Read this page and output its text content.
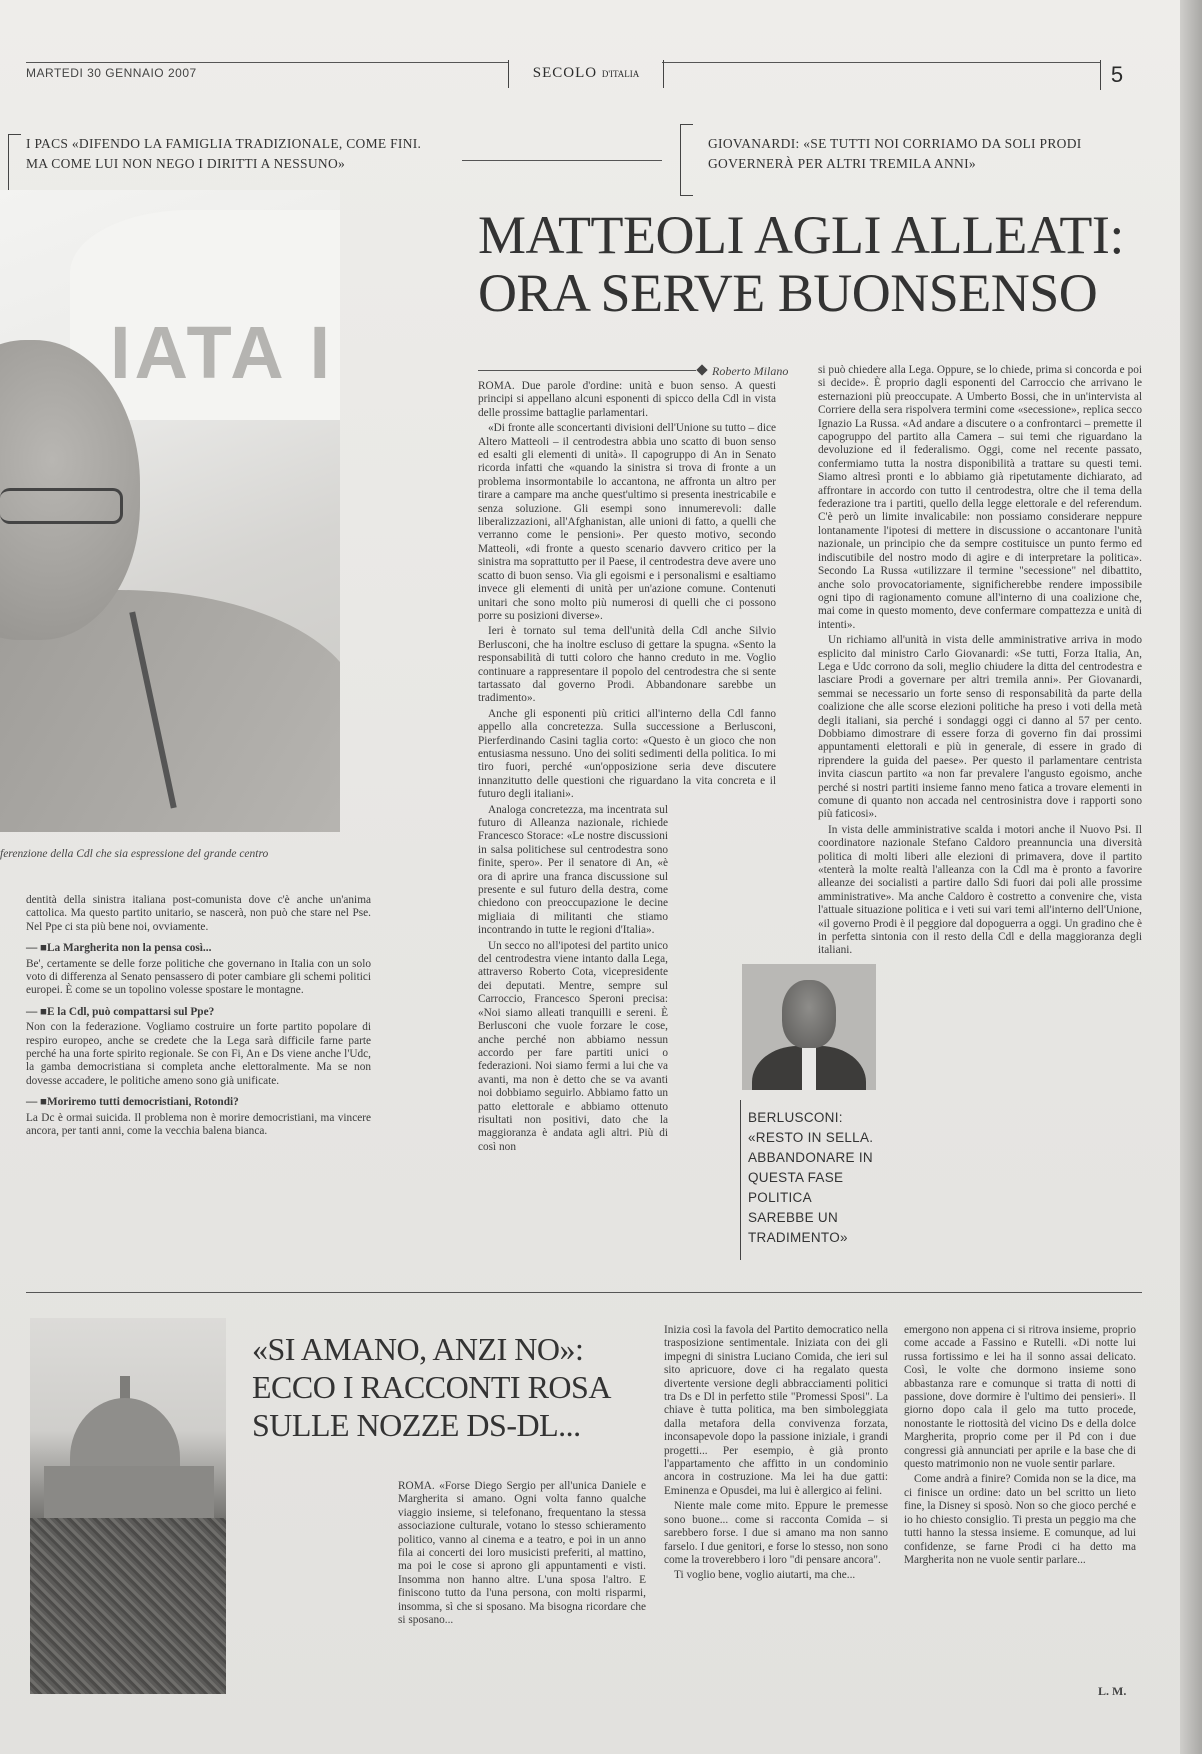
MARTEDI 30 GENNAIO 2007	SECOLO D'ITALIA	5
I PACS «DIFENDO LA FAMIGLIA TRADIZIONALE, COME FINI. MA COME LUI NON NEGO I DIRITTI A NESSUNO»
GIOVANARDI: «SE TUTTI NOI CORRIAMO DA SOLI PRODI GOVERNERÀ PER ALTRI TREMILA ANNI»
IATA I
ferenzione della Cdl che sia espressione del grande centro
MATTEOLI AGLI ALLEATI: ORA SERVE BUONSENSO
Roberto Milano

ROMA. Due parole d'ordine: unità e buon senso. A questi principi si appellano alcuni esponenti di spicco della Cdl in vista delle prossime battaglie parlamentari.

«Di fronte alle sconcertanti divisioni dell'Unione su tutto – dice Altero Matteoli – il centrodestra abbia uno scatto di buon senso ed esalti gli elementi di unità». Il capogruppo di An in Senato ricorda infatti che «quando la sinistra si trova di fronte a un problema insormontabile lo accantona, ne affronta un altro per tirare a campare ma anche quest'ultimo si presenta inestricabile e senza soluzione. Gli esempi sono innumerevoli: dalle liberalizzazioni, all'Afghanistan, alle unioni di fatto, a quelli che verranno come le pensioni». Per questo motivo, secondo Matteoli, «di fronte a questo scenario davvero critico per la sinistra ma soprattutto per il Paese, il centrodestra deve avere uno scatto di buon senso. Via gli egoismi e i personalismi e esaltiamo invece gli elementi di unità per un'azione comune. Contenuti unitari che sono molto più numerosi di quelli che ci possono porre su posizioni diverse».

Ieri è tornato sul tema dell'unità della Cdl anche Silvio Berlusconi, che ha inoltre escluso di gettare la spugna. «Sento la responsabilità di tutti coloro che hanno creduto in me. Voglio continuare a rappresentare il popolo del centrodestra che si sente tartassato dal governo Prodi. Abbandonare sarebbe un tradimento».

Anche gli esponenti più critici all'interno della Cdl fanno appello alla concretezza. Sulla successione a Berlusconi, Pierferdinando Casini taglia corto: «Questo è un gioco che non entusiasma nessuno. Uno dei soliti sedimenti della politica. Io mi tiro fuori, perché «un'opposizione seria deve discutere innanzitutto delle questioni che riguardano la vita concreta e il futuro degli italiani».

Analoga concretezza, ma incentrata sul futuro di Alleanza nazionale, richiede Francesco Storace: «Le nostre discussioni in salsa politichese sul centrodestra sono finite, spero». Per il senatore di An, «è ora di aprire una franca discussione sul presente e sul futuro della destra, come chiedono con preoccupazione le decine migliaia di militanti che stiamo incontrando in tutte le regioni d'Italia».

Un secco no all'ipotesi del partito unico del centrodestra viene intanto dalla Lega, attraverso Roberto Cota, vicepresidente dei deputati. Mentre, sempre sul Carroccio, Francesco Speroni precisa: «Noi siamo alleati tranquilli e sereni. È Berlusconi che vuole forzare le cose, anche perché non abbiamo nessun accordo per fare partiti unici o federazioni. Noi siamo fermi a lui che va avanti, ma non è detto che se va avanti noi dobbiamo seguirlo. Abbiamo fatto un patto elettorale e abbiamo ottenuto risultati non positivi, dato che la maggioranza è andata agli altri. Più di così non

si può chiedere alla Lega. Oppure, se lo chiede, prima si concorda e poi si decide». È proprio dagli esponenti del Carroccio che arrivano le esternazioni più preoccupate. A Umberto Bossi, che in un'intervista al Corriere della sera rispolvera termini come «secessione», replica secco Ignazio La Russa. «Ad andare a discutere o a confrontarci – premette il capogruppo del partito alla Camera – sui temi che riguardano la devoluzione ed il federalismo. Oggi, come nel recente passato, confermiamo tutta la nostra disponibilità a trattare su questi temi. Siamo altresì pronti e lo abbiamo già ripetutamente dichiarato, ad affrontare in accordo con tutto il centrodestra, oltre che il tema della federazione tra i partiti, quello della legge elettorale e del referendum. C'è però un limite invalicabile: non possiamo considerare neppure lontanamente l'ipotesi di mettere in discussione o accantonare l'unità nazionale, un principio che da sempre costituisce un punto fermo ed indiscutibile del nostro modo di agire e di interpretare la politica». Secondo La Russa «utilizzare il termine "secessione" nel dibattito, anche solo provocatoriamente, significherebbe rendere impossibile ogni tipo di ragionamento comune all'interno di una coalizione che, mai come in questo momento, deve confermare compattezza e unità di intenti».

Un richiamo all'unità in vista delle amministrative arriva in modo esplicito dal ministro Carlo Giovanardi: «Se tutti, Forza Italia, An, Lega e Udc corrono da soli, meglio chiudere la ditta del centrodestra e lasciare Prodi a governare per altri tremila anni». Per Giovanardi, semmai se necessario un forte senso di responsabilità da parte della coalizione che alle scorse elezioni politiche ha preso i voti della metà degli italiani, sia perché i sondaggi oggi ci danno al 57 per cento. Dobbiamo dimostrare di essere forza di governo fin dai prossimi appuntamenti elettorali e più in generale, di essere in grado di riprendere la guida del paese». Per questo il parlamentare centrista invita ciascun partito «a non far prevalere l'angusto egoismo, anche perché si nostri partiti insieme fanno meno fatica a trovare elementi in comune di quanto non accada nel centrosinistra dove i rapporti sono più faticosi».

In vista delle amministrative scalda i motori anche il Nuovo Psi. Il coordinatore nazionale Stefano Caldoro preannuncia una diversità politica di molti liberi alle elezioni di primavera, dove il partito «tenterà la molte realtà l'alleanza con la Cdl ma è pronto a favorire alleanze dei socialisti a partire dallo Sdi fuori dai poli alle prossime amministrative». Ma anche Caldoro è costretto a convenire che, vista l'attuale situazione politica e i veti sui vari temi all'interno dell'Unione, «il governo Prodi è il peggiore dal dopoguerra a oggi. Un gradino che è in perfetta sintonia con il resto della Cdl e della maggioranza degli italiani.

BERLUSCONI: «RESTO IN SELLA. ABBANDONARE IN QUESTA FASE POLITICA SAREBBE UN TRADIMENTO»

dentità della sinistra italiana post-comunista dove c'è anche un'anima cattolica. Ma questo partito unitario, se nascerà, non può che stare nel Pse. Nel Ppe ci sta più bene noi, ovviamente.

— ■ La Margherita non la pensa così...

Be', certamente se delle forze politiche che governano in Italia con un solo voto di differenza al Senato pensassero di poter cambiare gli schemi politici europei. È come se un topolino volesse spostare le montagne.

— ■ E la Cdl, può compattarsi sul Ppe?

Non con la federazione. Vogliamo costruire un forte partito popolare di respiro europeo, anche se credete che la Lega sarà difficile farne parte perché ha una forte spirito regionale. Se con Fi, An e Ds viene anche l'Udc, la gamba democristiana si completa anche elettoralmente. Ma se non dovesse accadere, le politiche ameno sono già unificate.

— ■ Moriremo tutti democristiani, Rotondi?

La Dc è ormai suicida. Il problema non è morire democristiani, ma vincere ancora, per tanti anni, come la vecchia balena bianca.

«SI AMANO, ANZI NO»: ECCO I RACCONTI ROSA SULLE NOZZE DS-DL...

ROMA. «Forse Diego Sergio per all'unica Daniele e Margherita si amano. Ogni volta fanno qualche viaggio insieme, si telefonano, frequentano la stessa associazione culturale, votano lo stesso schieramento politico, vanno al cinema e a teatro, e poi in un anno fila ai concerti dei loro musicisti preferiti, al mattino, ma poi le cose si aprono gli appuntamenti e visti. Insomma non hanno altre. L'una sposa l'altro. E finiscono tutto da l'una persona, con molti risparmi, insomma, sì che si sposano. Ma bisogna ricordare che si sposano...

Inizia così la favola del Partito democratico nella trasposizione sentimentale. Iniziata con dei gli impegni di sinistra Luciano Comida, che ieri sul sito apricuore, dove ci ha regalato questa divertente versione degli abbracciamenti politici tra Ds e Dl in perfetto stile "Promessi Sposi". La chiave è tutta politica, ma ben simboleggiata dalla metafora della convivenza forzata, inconsapevole dopo la passione iniziale, i grandi progetti... Per esempio, è già pronto l'appartamento che affitto in un condominio ancora in costruzione. Ma lei ha due gatti: Eminenza e Opusdei, ma lui è allergico ai felini.

Niente male come mito. Eppure le premesse sono buone... come si racconta Comida – si sarebbero forse. I due si amano ma non sanno farselo. I due genitori, e forse lo stesso, non sono come la troverebbero i loro "di pensare ancora".

Ti voglio bene, voglio aiutarti, ma che...

emergono non appena ci si ritrova insieme, proprio come accade a Fassino e Rutelli. «Di notte lui russa fortissimo e lei ha il sonno assai delicato. Così, le volte che dormono insieme sono abbastanza rare e comunque si tratta di notti di passione, dove dormire è l'ultimo dei pensieri». Il giorno dopo cala il gelo ma tutto procede, nonostante le riottosità del vicino Ds e della dolce Margherita, proprio come per il Pd con i due congressi già annunciati per aprile e la base che di questo matrimonio non ne vuole sentir parlare.

Come andrà a finire? Comida non se la dice, ma ci finisce un ordine: dato un bel scritto un lieto fine, la Disney si sposò. Non so che gioco perché e io ho chiesto consiglio. Ti presta un peggio ma che tutti hanno la stessa insieme. E comunque, ad lui confidenze, se farne Prodi ci ha detto ma Margherita non ne vuole sentir parlare...

L. M.
